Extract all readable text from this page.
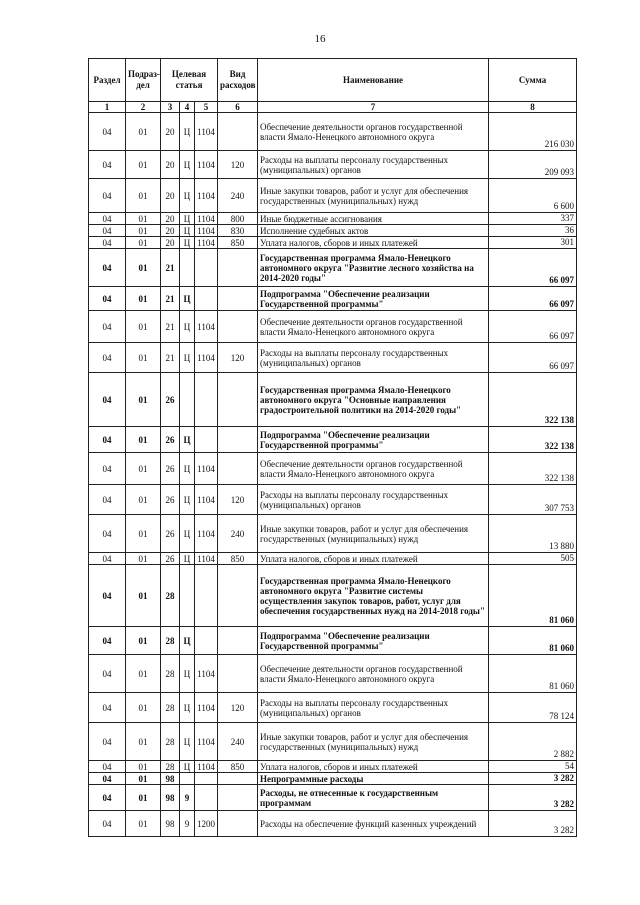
16
Раздел	Подраз-дел	Целевая статья			Вид расходов	Наименование	Сумма
1	2	3	4	5	6	7	8
04	01	20	Ц	1104		Обеспечение деятельности органов государственной власти Ямало-Ненецкого автономного округа	216 030
04	01	20	Ц	1104	120	Расходы на выплаты персоналу государственных (муниципальных) органов	209 093
04	01	20	Ц	1104	240	Иные закупки товаров, работ и услуг для обеспечения государственных (муниципальных) нужд	6 600
04	01	20	Ц	1104	800	Иные бюджетные ассигнования	337
04	01	20	Ц	1104	830	Исполнение судебных актов	36
04	01	20	Ц	1104	850	Уплата налогов, сборов и иных платежей	301
04	01	21				Государственная программа Ямало-Ненецкого автономного округа "Развитие лесного хозяйства на 2014-2020 годы"	66 097
04	01	21	Ц			Подпрограмма "Обеспечение реализации Государственной программы"	66 097
04	01	21	Ц	1104		Обеспечение деятельности органов государственной власти Ямало-Ненецкого автономного округа	66 097
04	01	21	Ц	1104	120	Расходы на выплаты персоналу государственных (муниципальных) органов	66 097
04	01	26				Государственная программа Ямало-Ненецкого автономного округа "Основные направления градостроительной политики на 2014-2020 годы"	322 138
04	01	26	Ц			Подпрограмма "Обеспечение реализации Государственной программы"	322 138
04	01	26	Ц	1104		Обеспечение деятельности органов государственной власти Ямало-Ненецкого автономного округа	322 138
04	01	26	Ц	1104	120	Расходы на выплаты персоналу государственных (муниципальных) органов	307 753
04	01	26	Ц	1104	240	Иные закупки товаров, работ и услуг для обеспечения государственных (муниципальных) нужд	13 880
04	01	26	Ц	1104	850	Уплата налогов, сборов и иных платежей	505
04	01	28				Государственная программа Ямало-Ненецкого автономного округа "Развитие системы осуществления закупок товаров, работ, услуг для обеспечения государственных нужд на 2014-2018 годы"	81 060
04	01	28	Ц			Подпрограмма "Обеспечение реализации Государственной программы"	81 060
04	01	28	Ц	1104		Обеспечение деятельности органов государственной власти Ямало-Ненецкого автономного округа	81 060
04	01	28	Ц	1104	120	Расходы на выплаты персоналу государственных (муниципальных) органов	78 124
04	01	28	Ц	1104	240	Иные закупки товаров, работ и услуг для обеспечения государственных (муниципальных) нужд	2 882
04	01	28	Ц	1104	850	Уплата налогов, сборов и иных платежей	54
04	01	98				Непрограммные расходы	3 282
04	01	98	9			Расходы, не отнесенные к государственным программам	3 282
04	01	98	9	1200		Расходы на обеспечение функций казенных учреждений	3 282
